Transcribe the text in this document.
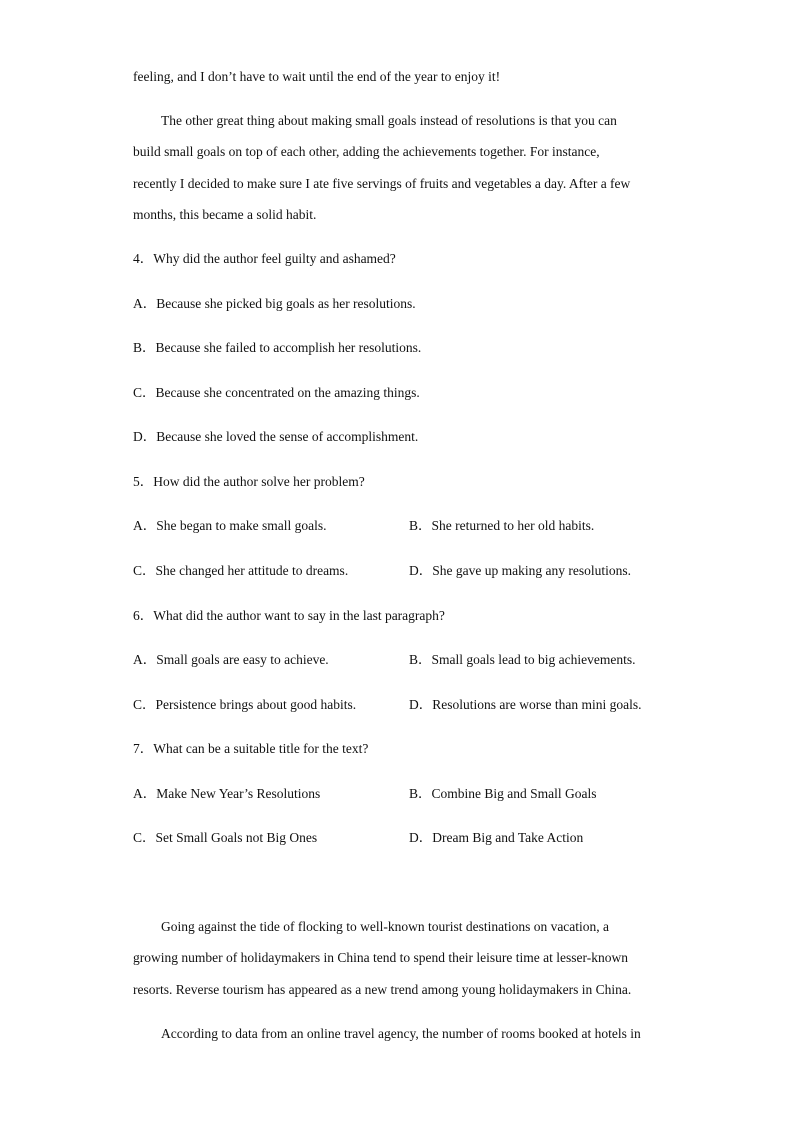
feeling, and I don’t have to wait until the end of the year to enjoy it!
The other great thing about making small goals instead of resolutions is that you can
build small goals on top of each other, adding the achievements together. For instance,
recently I decided to make sure I ate five servings of fruits and vegetables a day. After a few
months, this became a solid habit.
4．Why did the author feel guilty and ashamed?
A．Because she picked big goals as her resolutions.
B．Because she failed to accomplish her resolutions.
C．Because she concentrated on the amazing things.
D．Because she loved the sense of accomplishment.
5．How did the author solve her problem?
A．She began to make small goals.	B．She returned to her old habits.
C．She changed her attitude to dreams.	D．She gave up making any resolutions.
6．What did the author want to say in the last paragraph?
A．Small goals are easy to achieve.	B．Small goals lead to big achievements.
C．Persistence brings about good habits.	D．Resolutions are worse than mini goals.
7．What can be a suitable title for the text?
A．Make New Year’s Resolutions	B．Combine Big and Small Goals
C．Set Small Goals not Big Ones	D．Dream Big and Take Action
Going against the tide of flocking to well-known tourist destinations on vacation, a
growing number of holidaymakers in China tend to spend their leisure time at lesser-known
resorts. Reverse tourism has appeared as a new trend among young holidaymakers in China.
According to data from an online travel agency, the number of rooms booked at hotels in
